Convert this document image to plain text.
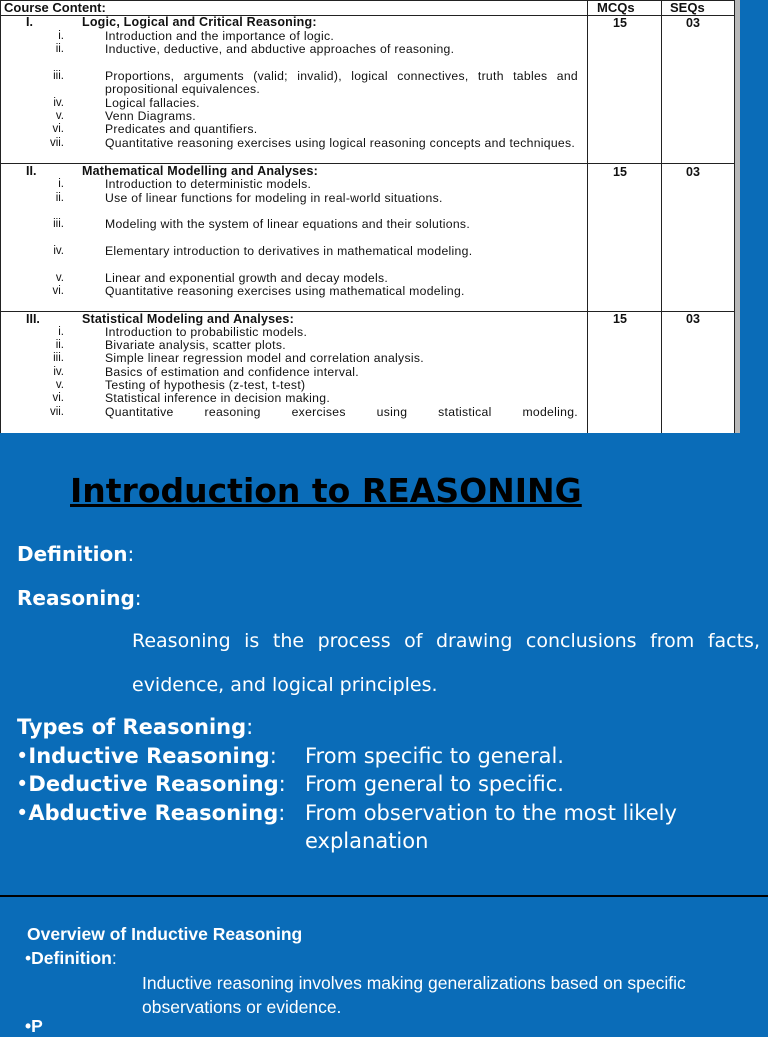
Course Content:	MCQs	SEQs
I.	Logic, Logical and Critical Reasoning:	15	03
i.	Introduction and the importance of logic.
ii.	Inductive, deductive, and abductive approaches of reasoning.
iii.	Proportions, arguments (valid; invalid), logical connectives, truth tables and propositional equivalences.
iv.	Logical fallacies.
v.	Venn Diagrams.
vi.	Predicates and quantifiers.
vii.	Quantitative reasoning exercises using logical reasoning concepts and techniques.
II.	Mathematical Modelling and Analyses:	15	03
i.	Introduction to deterministic models.
ii.	Use of linear functions for modeling in real-world situations.
iii.	Modeling with the system of linear equations and their solutions.
iv.	Elementary introduction to derivatives in mathematical modeling.
v.	Linear and exponential growth and decay models.
vi.	Quantitative reasoning exercises using mathematical modeling.
III.	Statistical Modeling and Analyses:	15	03
i.	Introduction to probabilistic models.
ii.	Bivariate analysis, scatter plots.
iii.	Simple linear regression model and correlation analysis.
iv.	Basics of estimation and confidence interval.
v.	Testing of hypothesis (z-test, t-test)
vi.	Statistical inference in decision making.
vii.	Quantitative reasoning exercises using statistical modeling.
Introduction to REASONING
Definition:
Reasoning:
Reasoning is the process of drawing conclusions from facts,
evidence, and logical principles.
Types of Reasoning:
•Inductive Reasoning: From specific to general.
•Deductive Reasoning: From general to specific.
•Abductive Reasoning: From observation to the most likely explanation
Overview of Inductive Reasoning
•Definition:
Inductive reasoning involves making generalizations based on specific observations or evidence.
•P
